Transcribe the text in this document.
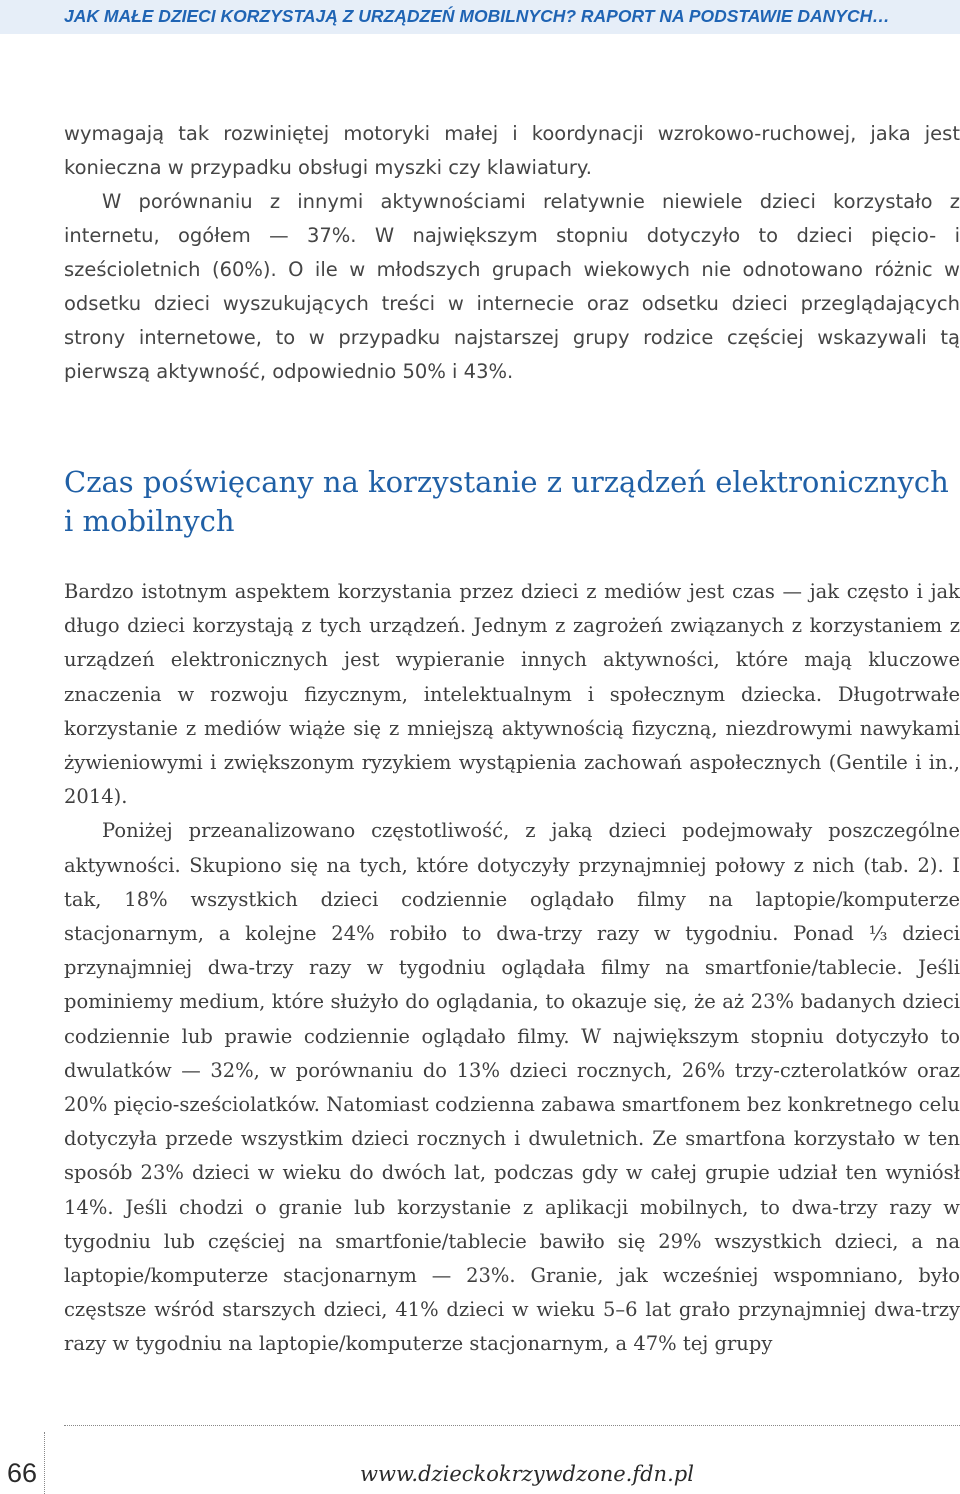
JAK MAŁE DZIECI KORZYSTAJĄ Z URZĄDZEŃ MOBILNYCH? RAPORT NA PODSTAWIE DANYCH…

wymagają tak rozwiniętej motoryki małej i koordynacji wzrokowo-ruchowej, jaka jest konieczna w przypadku obsługi myszki czy klawiatury.

W porównaniu z innymi aktywnościami relatywnie niewiele dzieci korzystało z internetu, ogółem — 37%. W największym stopniu dotyczyło to dzieci pięcio- i sześcioletnich (60%). O ile w młodszych grupach wiekowych nie odnotowano różnic w odsetku dzieci wyszukujących treści w internecie oraz odsetku dzieci przeglądających strony internetowe, to w przypadku najstarszej grupy rodzice częściej wskazywali tą pierwszą aktywność, odpowiednio 50% i 43%.

Czas poświęcany na korzystanie z urządzeń elektronicznych i mobilnych

Bardzo istotnym aspektem korzystania przez dzieci z mediów jest czas — jak często i jak długo dzieci korzystają z tych urządzeń. Jednym z zagrożeń związanych z korzystaniem z urządzeń elektronicznych jest wypieranie innych aktywności, które mają kluczowe znaczenia w rozwoju fizycznym, intelektualnym i społecznym dziecka. Długotrwałe korzystanie z mediów wiąże się z mniejszą aktywnością fizyczną, niezdrowymi nawykami żywieniowymi i zwiększonym ryzykiem wystąpienia zachowań aspołecznych (Gentile i in., 2014).

Poniżej przeanalizowano częstotliwość, z jaką dzieci podejmowały poszczególne aktywności. Skupiono się na tych, które dotyczyły przynajmniej połowy z nich (tab. 2). I tak, 18% wszystkich dzieci codziennie oglądało filmy na laptopie/komputerze stacjonarnym, a kolejne 24% robiło to dwa-trzy razy w tygodniu. Ponad ⅓ dzieci przynajmniej dwa-trzy razy w tygodniu oglądała filmy na smartfonie/tablecie. Jeśli pominiemy medium, które służyło do oglądania, to okazuje się, że aż 23% badanych dzieci codziennie lub prawie codziennie oglądało filmy. W największym stopniu dotyczyło to dwulatków — 32%, w porównaniu do 13% dzieci rocznych, 26% trzy-czterolatków oraz 20% pięcio-sześciolatków. Natomiast codzienna zabawa smartfonem bez konkretnego celu dotyczyła przede wszystkim dzieci rocznych i dwuletnich. Ze smartfona korzystało w ten sposób 23% dzieci w wieku do dwóch lat, podczas gdy w całej grupie udział ten wyniósł 14%. Jeśli chodzi o granie lub korzystanie z aplikacji mobilnych, to dwa-trzy razy w tygodniu lub częściej na smartfonie/tablecie bawiło się 29% wszystkich dzieci, a na laptopie/komputerze stacjonarnym — 23%. Granie, jak wcześniej wspomniano, było częstsze wśród starszych dzieci, 41% dzieci w wieku 5–6 lat grało przynajmniej dwa-trzy razy w tygodniu na laptopie/komputerze stacjonarnym, a 47% tej grupy

66	www.dzieckokrzywdzone.fdn.pl
